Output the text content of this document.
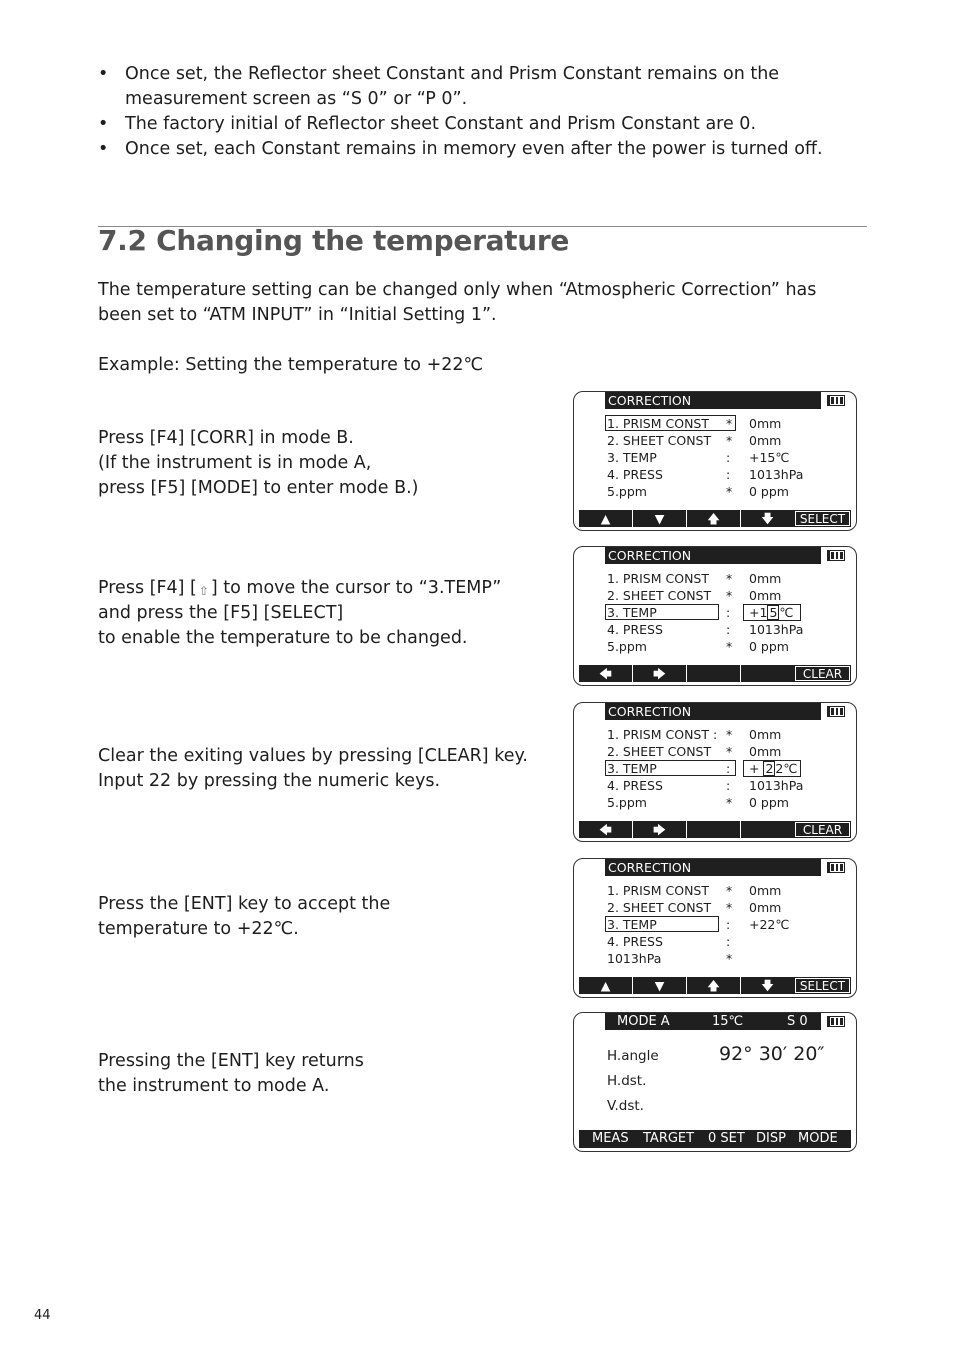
• Once set, the Reflector sheet Constant and Prism Constant remains on the measurement screen as “S 0” or “P 0”.
• The factory initial of Reflector sheet Constant and Prism Constant are 0.
• Once set, each Constant remains in memory even after the power is turned off.
7.2 Changing the temperature
The temperature setting can be changed only when “Atmospheric Correction” has been set to “ATM INPUT” in “Initial Setting 1”.
Example: Setting the temperature to +22℃
Press [F4] [CORR] in mode B.
(If the instrument is in mode A,
press [F5] [MODE] to enter mode B.)
Press [F4] [ ⇧ ] to move the cursor to “3.TEMP”
and press the [F5] [SELECT]
to enable the temperature to be changed.
Clear the exiting values by pressing [CLEAR] key.
Input 22 by pressing the numeric keys.
Press the [ENT] key to accept the
temperature to +22℃.
Pressing the [ENT] key returns
the instrument to mode A.
CORRECTION
1. PRISM CONST * 0mm
2. SHEET CONST * 0mm
3. TEMP	: +15℃
4. PRESS	: 1013hPa
5.ppm	* 0 ppm
▲	▼	🡅	🡇	SELECT
CORRECTION
1. PRISM CONST * 0mm
2. SHEET CONST * 0mm
3. TEMP	: +1 5 ℃
4. PRESS	: 1013hPa
5.ppm	* 0 ppm
🡄	🡆	CLEAR
CORRECTION
1. PRISM CONST : * 0mm
2. SHEET CONST * 0mm
3. TEMP	: + 2 2℃
4. PRESS	: 1013hPa
5.ppm	* 0 ppm
🡄	🡆	CLEAR
CORRECTION
1. PRISM CONST * 0mm
2. SHEET CONST * 0mm
3. TEMP	: +22℃
4. PRESS	:
1013hPa	*
▲	▼	🡅	🡇	SELECT
MODE A	15℃	S 0
H.angle	92° 30′ 20″
H.dst.
V.dst.
MEAS TARGET 0 SET DISP MODE
44
